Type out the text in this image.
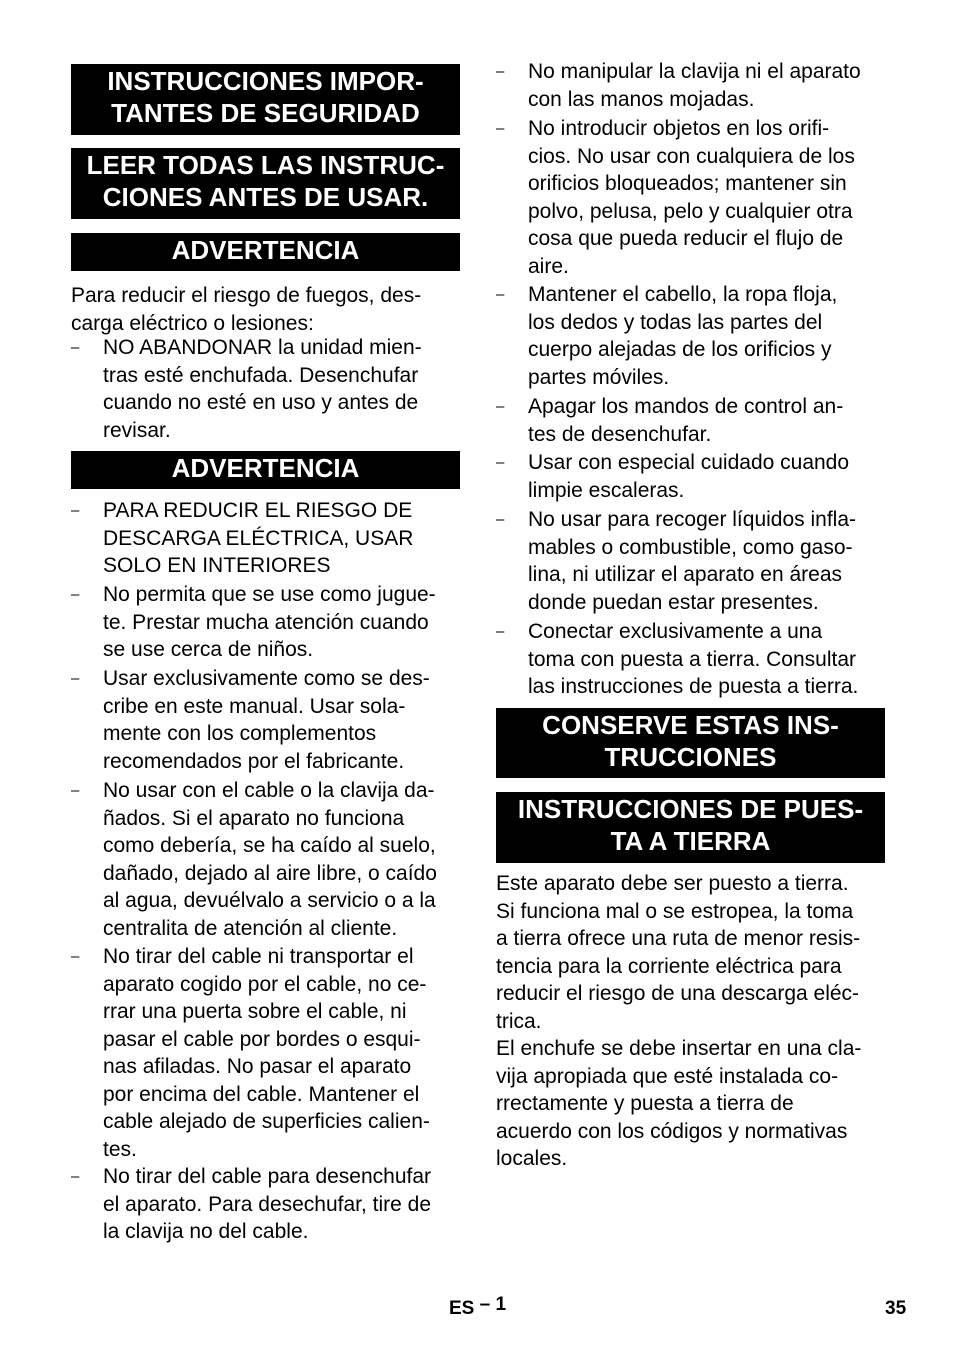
INSTRUCCIONES IMPOR-
TANTES DE SEGURIDAD
LEER TODAS LAS INSTRUC-
CIONES ANTES DE USAR.
ADVERTENCIA

Para reducir el riesgo de fuegos, des-
carga eléctrico o lesiones:

– NO ABANDONAR la unidad mien-
tras esté enchufada. Desenchufar
cuando no esté en uso y antes de
revisar.
ADVERTENCIA
– PARA REDUCIR EL RIESGO DE
DESCARGA ELÉCTRICA, USAR
SOLO EN INTERIORES
– No permita que se use como jugue-
te. Prestar mucha atención cuando
se use cerca de niños.
– Usar exclusivamente como se des-
cribe en este manual. Usar sola-
mente con los complementos
recomendados por el fabricante.
– No usar con el cable o la clavija da-
ñados. Si el aparato no funciona
como debería, se ha caído al suelo,
dañado, dejado al aire libre, o caído
al agua, devuélvalo a servicio o a la
centralita de atención al cliente.
– No tirar del cable ni transportar el
aparato cogido por el cable, no ce-
rrar una puerta sobre el cable, ni
pasar el cable por bordes o esqui-
nas afiladas. No pasar el aparato
por encima del cable. Mantener el
cable alejado de superficies calien-
tes.
– No tirar del cable para desenchufar
el aparato. Para desechufar, tire de
la clavija no del cable.
– No manipular la clavija ni el aparato
con las manos mojadas.
– No introducir objetos en los orifi-
cios. No usar con cualquiera de los
orificios bloqueados; mantener sin
polvo, pelusa, pelo y cualquier otra
cosa que pueda reducir el flujo de
aire.
– Mantener el cabello, la ropa floja,
los dedos y todas las partes del
cuerpo alejadas de los orificios y
partes móviles.
– Apagar los mandos de control an-
tes de desenchufar.
– Usar con especial cuidado cuando
limpie escaleras.
– No usar para recoger líquidos infla-
mables o combustible, como gaso-
lina, ni utilizar el aparato en áreas
donde puedan estar presentes.
– Conectar exclusivamente a una
toma con puesta a tierra. Consultar
las instrucciones de puesta a tierra.
CONSERVE ESTAS INS-
TRUCCIONES
INSTRUCCIONES DE PUES-
TA A TIERRA

Este aparato debe ser puesto a tierra.
Si funciona mal o se estropea, la toma
a tierra ofrece una ruta de menor resis-
tencia para la corriente eléctrica para
reducir el riesgo de una descarga eléc-
trica.

El enchufe se debe insertar en una cla-
vija apropiada que esté instalada co-
rrectamente y puesta a tierra de
acuerdo con los códigos y normativas
locales.

ES – 1	35
